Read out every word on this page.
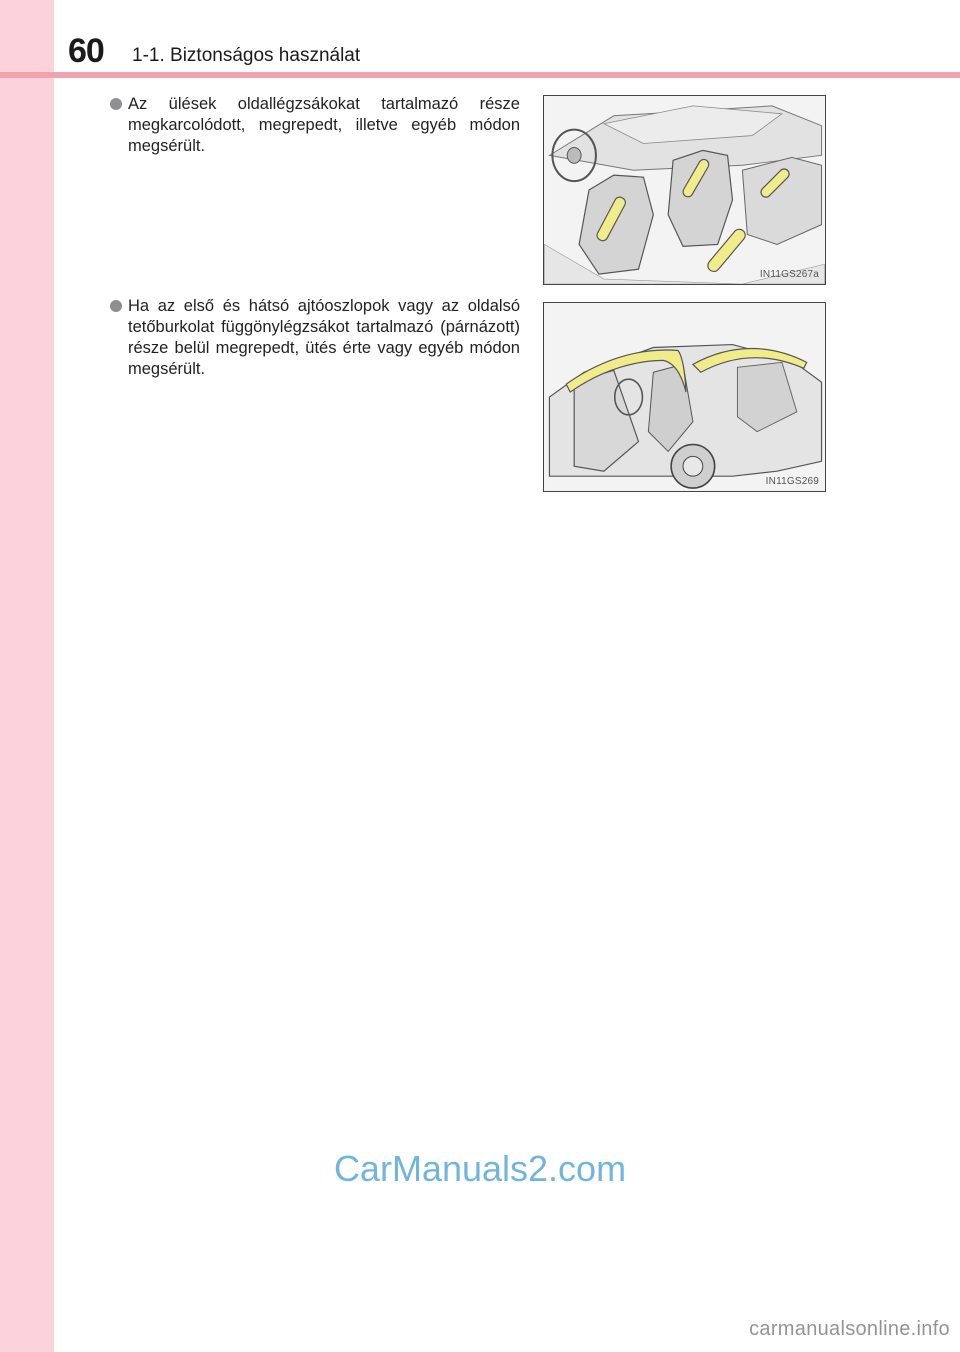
60 1-1. Biztonságos használat
Az ülések oldallégzsákokat tartalmazó része megkarcolódott, megrepedt, illetve egyéb módon megsérült.
IN11GS267a
Ha az első és hátsó ajtóoszlopok vagy az oldalsó tetőburkolat függönylégzsákot tartalmazó (párnázott) része belül megrepedt, ütés érte vagy egyéb módon megsérült.
IN11GS269
CarManuals2.com
carmanualsonline.info
